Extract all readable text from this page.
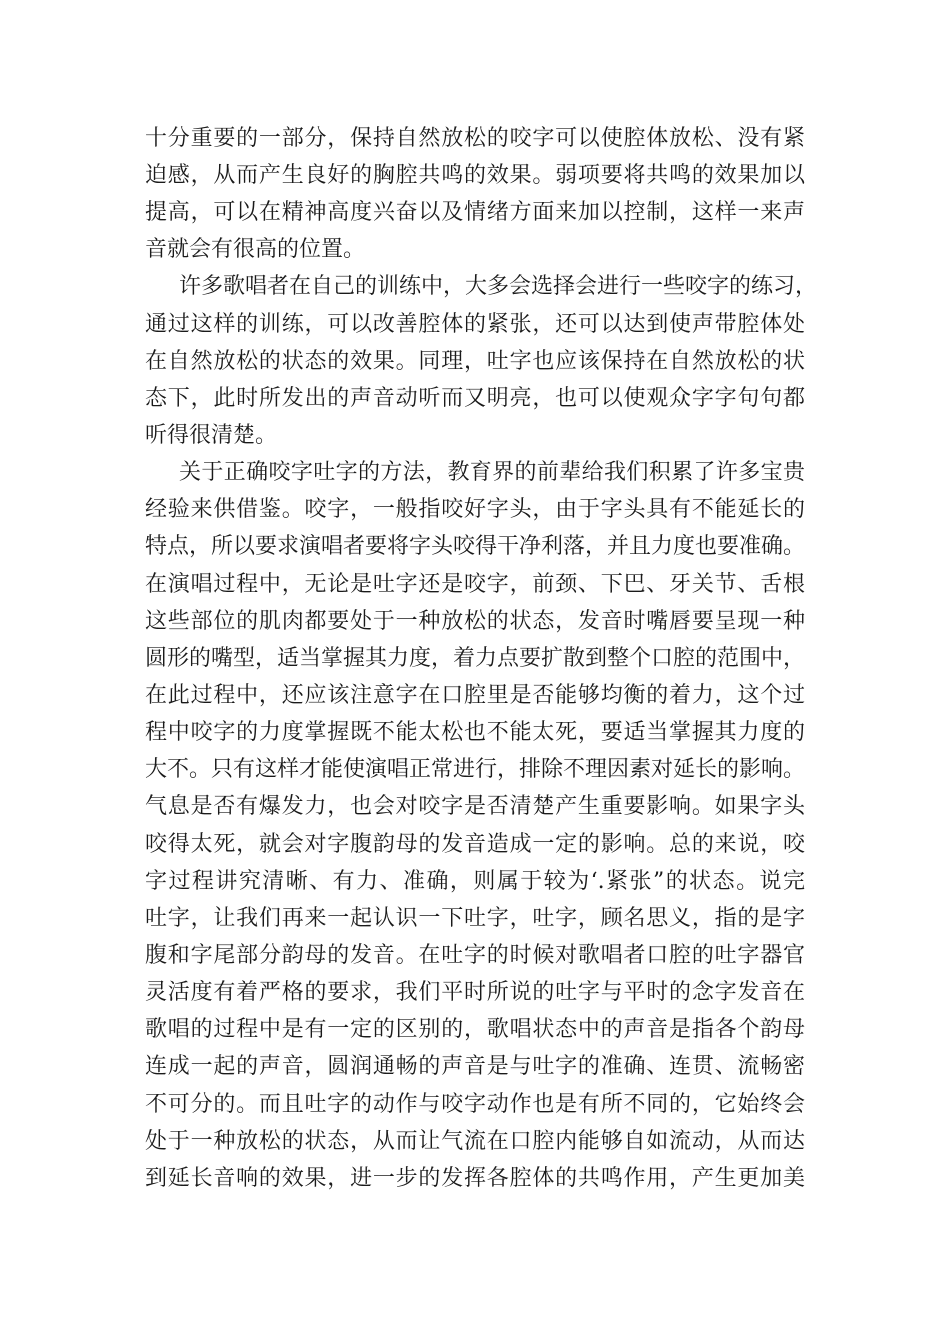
十分重要的一部分，保持自然放松的咬字可以使腔体放松、没有紧
迫感，从而产生良好的胸腔共鸣的效果。弱项要将共鸣的效果加以
提高，可以在精神高度兴奋以及情绪方面来加以控制，这样一来声
音就会有很高的位置。
许多歌唱者在自己的训练中，大多会选择会进行一些咬字的练习，
通过这样的训练，可以改善腔体的紧张，还可以达到使声带腔体处
在自然放松的状态的效果。同理，吐字也应该保持在自然放松的状
态下，此时所发出的声音动听而又明亮，也可以使观众字字句句都
听得很清楚。
关于正确咬字吐字的方法，教育界的前辈给我们积累了许多宝贵
经验来供借鉴。咬字，一般指咬好字头，由于字头具有不能延长的
特点，所以要求演唱者要将字头咬得干净利落，并且力度也要准确。
在演唱过程中，无论是吐字还是咬字，前颈、下巴、牙关节、舌根
这些部位的肌肉都要处于一种放松的状态，发音时嘴唇要呈现一种
圆形的嘴型，适当掌握其力度，着力点要扩散到整个口腔的范围中，
在此过程中，还应该注意字在口腔里是否能够均衡的着力，这个过
程中咬字的力度掌握既不能太松也不能太死，要适当掌握其力度的
大不。只有这样才能使演唱正常进行，排除不理因素对延长的影响。
气息是否有爆发力，也会对咬字是否清楚产生重要影响。如果字头
咬得太死，就会对字腹韵母的发音造成一定的影响。总的来说，咬
字过程讲究清晰、有力、准确，则属于较为‘.紧张”的状态。说完
吐字，让我们再来一起认识一下吐字，吐字，顾名思义，指的是字
腹和字尾部分韵母的发音。在吐字的时候对歌唱者口腔的吐字器官
灵活度有着严格的要求，我们平时所说的吐字与平时的念字发音在
歌唱的过程中是有一定的区别的，歌唱状态中的声音是指各个韵母
连成一起的声音，圆润通畅的声音是与吐字的准确、连贯、流畅密
不可分的。而且吐字的动作与咬字动作也是有所不同的，它始终会
处于一种放松的状态，从而让气流在口腔内能够自如流动，从而达
到延长音响的效果，进一步的发挥各腔体的共鸣作用，产生更加美
